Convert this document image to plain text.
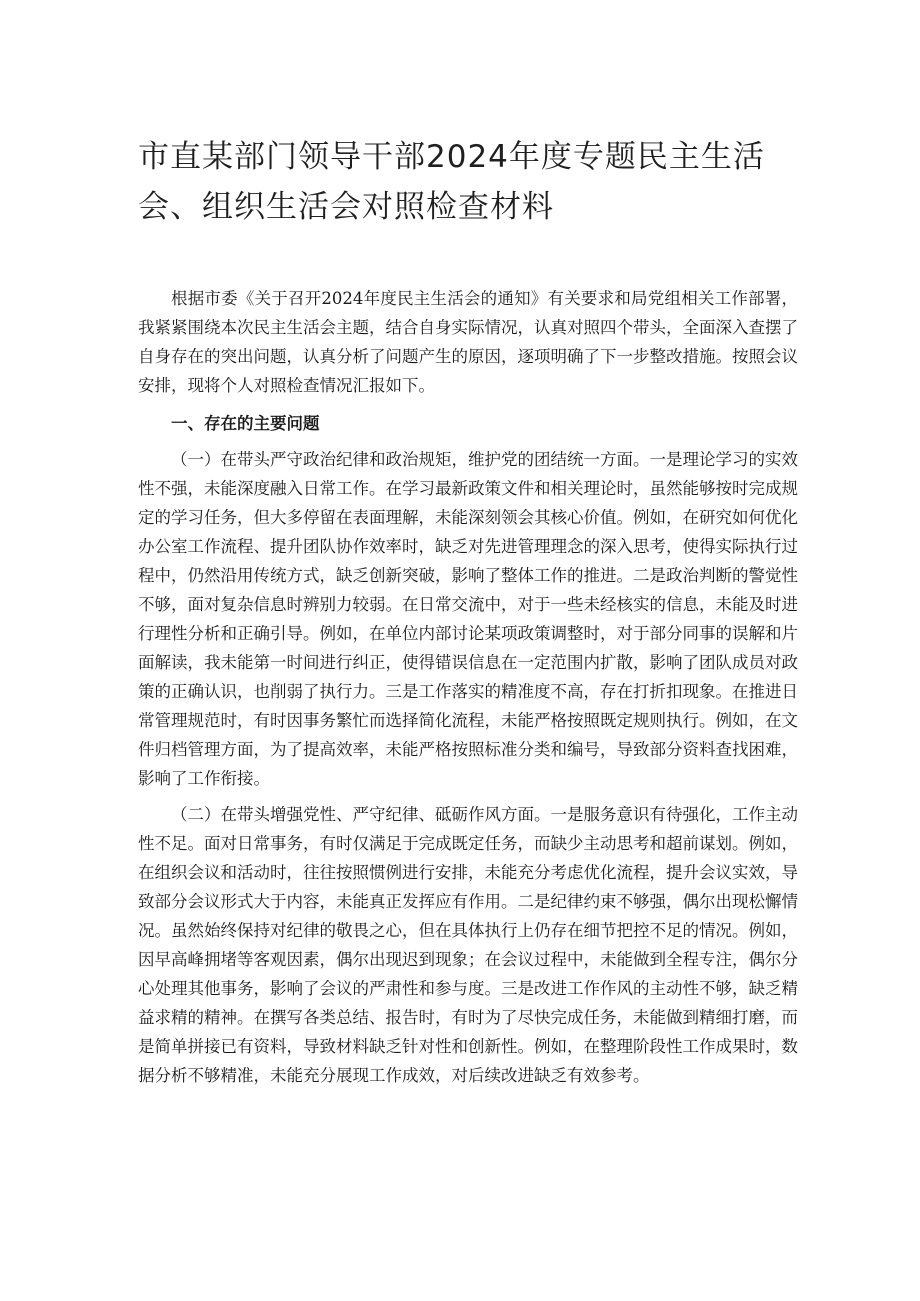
市直某部门领导干部2024年度专题民主生活会、组织生活会对照检查材料

根据市委《关于召开2024年度民主生活会的通知》有关要求和局党组相关工作部署，我紧紧围绕本次民主生活会主题，结合自身实际情况，认真对照四个带头，全面深入查摆了自身存在的突出问题，认真分析了问题产生的原因，逐项明确了下一步整改措施。按照会议安排，现将个人对照检查情况汇报如下。

一、存在的主要问题

（一）在带头严守政治纪律和政治规矩，维护党的团结统一方面。一是理论学习的实效性不强，未能深度融入日常工作。在学习最新政策文件和相关理论时，虽然能够按时完成规定的学习任务，但大多停留在表面理解，未能深刻领会其核心价值。例如，在研究如何优化办公室工作流程、提升团队协作效率时，缺乏对先进管理理念的深入思考，使得实际执行过程中，仍然沿用传统方式，缺乏创新突破，影响了整体工作的推进。二是政治判断的警觉性不够，面对复杂信息时辨别力较弱。在日常交流中，对于一些未经核实的信息，未能及时进行理性分析和正确引导。例如，在单位内部讨论某项政策调整时，对于部分同事的误解和片面解读，我未能第一时间进行纠正，使得错误信息在一定范围内扩散，影响了团队成员对政策的正确认识，也削弱了执行力。三是工作落实的精准度不高，存在打折扣现象。在推进日常管理规范时，有时因事务繁忙而选择简化流程，未能严格按照既定规则执行。例如，在文件归档管理方面，为了提高效率，未能严格按照标准分类和编号，导致部分资料查找困难，影响了工作衔接。

（二）在带头增强党性、严守纪律、砥砺作风方面。一是服务意识有待强化，工作主动性不足。面对日常事务，有时仅满足于完成既定任务，而缺少主动思考和超前谋划。例如，在组织会议和活动时，往往按照惯例进行安排，未能充分考虑优化流程，提升会议实效，导致部分会议形式大于内容，未能真正发挥应有作用。二是纪律约束不够强，偶尔出现松懈情况。虽然始终保持对纪律的敬畏之心，但在具体执行上仍存在细节把控不足的情况。例如，因早高峰拥堵等客观因素，偶尔出现迟到现象；在会议过程中，未能做到全程专注，偶尔分心处理其他事务，影响了会议的严肃性和参与度。三是改进工作作风的主动性不够，缺乏精益求精的精神。在撰写各类总结、报告时，有时为了尽快完成任务，未能做到精细打磨，而是简单拼接已有资料，导致材料缺乏针对性和创新性。例如，在整理阶段性工作成果时，数据分析不够精准，未能充分展现工作成效，对后续改进缺乏有效参考。
